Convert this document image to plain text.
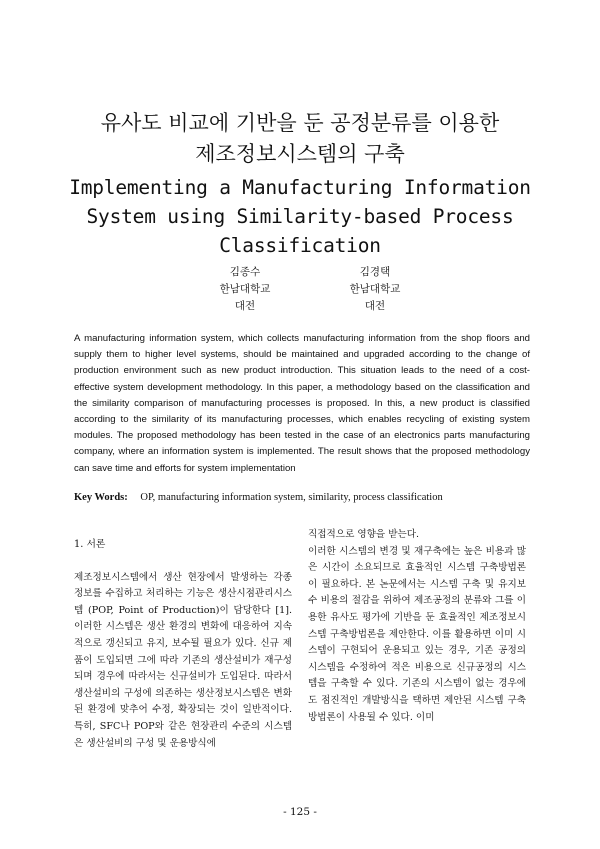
유사도 비교에 기반을 둔 공정분류를 이용한
제조정보시스템의 구축
Implementing a Manufacturing Information
System using Similarity-based Process
Classification
김종수
한남대학교
대전
김경택
한남대학교
대전

A manufacturing information system, which collects manufacturing information from the shop floors and supply them to higher level systems, should be maintained and upgraded according to the change of production environment such as new product introduction. This situation leads to the need of a cost-effective system development methodology. In this paper, a methodology based on the classification and the similarity comparison of manufacturing processes is proposed. In this, a new product is classified according to the similarity of its manufacturing processes, which enables recycling of existing system modules. The proposed methodology has been tested in the case of an electronics parts manufacturing company, where an information system is implemented. The result shows that the proposed methodology can save time and efforts for system implementation

Key Words: OP, manufacturing information system, similarity, process classification
1. 서론

제조정보시스템에서 생산 현장에서 발생하는 각종 정보를 수집하고 처리하는 기능은 생산시점관리시스템 (POP, Point of Production)이 담당한다 [1]. 이러한 시스템은 생산 환경의 변화에 대응하여 지속적으로 갱신되고 유지, 보수될 필요가 있다. 신규 제품이 도입되면 그에 따라 기존의 생산설비가 재구성되며 경우에 따라서는 신규설비가 도입된다. 따라서 생산설비의 구성에 의존하는 생산정보시스템은 변화된 환경에 맞추어 수정, 확장되는 것이 일반적이다. 특히, SFC나 POP와 같은 현장관리 수준의 시스템은 생산설비의 구성 및 운용방식에

직접적으로 영향을 받는다.

이러한 시스템의 변경 및 재구축에는 높은 비용과 많은 시간이 소요되므로 효율적인 시스템 구축방법론이 필요하다. 본 논문에서는 시스템 구축 및 유지보수 비용의 절감을 위하여 제조공정의 분류와 그를 이용한 유사도 평가에 기반을 둔 효율적인 제조정보시스템 구축방법론을 제안한다. 이를 활용하면 이미 시스템이 구현되어 운용되고 있는 경우, 기존 공정의 시스템을 수정하여 적은 비용으로 신규공정의 시스템을 구축할 수 있다. 기존의 시스템이 없는 경우에도 점진적인 개발방식을 택하면 제안된 시스템 구축방법론이 사용될 수 있다. 이미

- 125 -
